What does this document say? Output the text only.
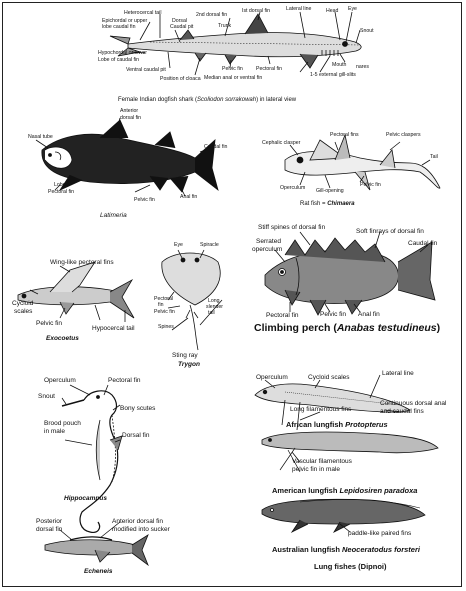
Heterocercal tail
Epichordal or upper
lobe caudal fin
Hypochordal or lower
Lobe of caudal fin
Dorsal
Caudal pit
Ventral caudal pit
Position of cloaca
2nd dorsal fin
Trunk
Ist dorsal fin	Lateral line	Head Eye
Snout
Pelvic fin	Pectoral fin
Median anal or ventral fin
Mouth nares
1-5 external gill-slits
Female Indian dogfish shark (Scoliodon sorrakowah) in lateral view
Nasal tube
Anterior
dorsal fin
Caudal fin
Lobed
Pectoral fin
Pelvic fin	Anal fin
Latimeria
Cephalic clasper
Pectoral fins	Pelvic claspers
Tail
Operculum Gill-opening
Pelvic fin
Rat fish = Chimaera
Wing-like pectoral fins
Cycloid
scales
Pelvic fin
Hypocercal tail
Exocoetus
Eye	Spiracle
Pectoral
fin
Pelvic fin
Long
slender
tail
Spines
Sting ray
Trygon
Stiff spines of dorsal fin
Soft finrays of dorsal fin
Serrated
operculum
Caudal fin
Pectoral fin	Pelvic fin Anal fin
Climbing perch (Anabas testudineus)
Operculum	Pectoral fin
Snout
Bony scutes
Brood pouch
in male
Dorsal fin
Hippocampus
Operculum	Cycloid scales
Lateral line
Long filamentous fins
Continuous dorsal anal
and caudal fins
African lungfish Protopterus
Vascular filamentous
pelvic fin in male
American lungfish Lepidosiren paradoxa
paddle-like paired fins
Australian lungfish Neoceratodus forsteri
Lung fishes (Dipnoi)
Posterior
dorsal fin
Anterior dorsal fin
modified into sucker
Echeneis
